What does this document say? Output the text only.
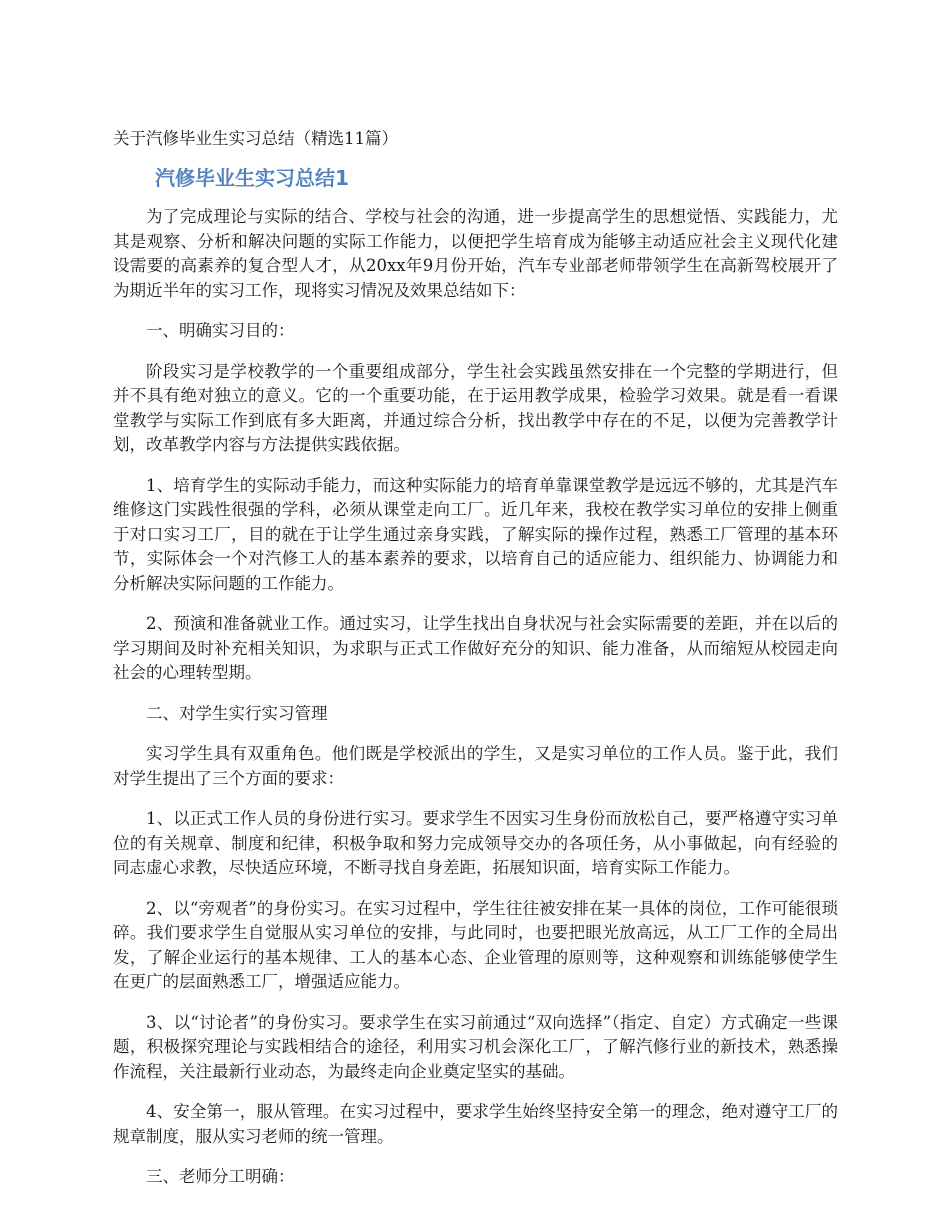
关于汽修毕业生实习总结（精选11篇）

汽修毕业生实习总结1

为了完成理论与实际的结合、学校与社会的沟通，进一步提高学生的思想觉悟、实践能力，尤其是观察、分析和解决问题的实际工作能力，以便把学生培育成为能够主动适应社会主义现代化建设需要的高素养的复合型人才，从20xx年9月份开始，汽车专业部老师带领学生在高新驾校展开了为期近半年的实习工作，现将实习情况及效果总结如下：

一、明确实习目的：

阶段实习是学校教学的一个重要组成部分，学生社会实践虽然安排在一个完整的学期进行，但并不具有绝对独立的意义。它的一个重要功能，在于运用教学成果，检验学习效果。就是看一看课堂教学与实际工作到底有多大距离，并通过综合分析，找出教学中存在的不足，以便为完善教学计划，改革教学内容与方法提供实践依据。

1、培育学生的实际动手能力，而这种实际能力的培育单靠课堂教学是远远不够的，尤其是汽车维修这门实践性很强的学科，必须从课堂走向工厂。近几年来，我校在教学实习单位的安排上侧重于对口实习工厂，目的就在于让学生通过亲身实践，了解实际的操作过程，熟悉工厂管理的基本环节，实际体会一个对汽修工人的基本素养的要求，以培育自己的适应能力、组织能力、协调能力和分析解决实际问题的工作能力。

2、预演和准备就业工作。通过实习，让学生找出自身状况与社会实际需要的差距，并在以后的学习期间及时补充相关知识，为求职与正式工作做好充分的知识、能力准备，从而缩短从校园走向社会的心理转型期。

二、对学生实行实习管理

实习学生具有双重角色。他们既是学校派出的学生，又是实习单位的工作人员。鉴于此，我们对学生提出了三个方面的要求：

1、以正式工作人员的身份进行实习。要求学生不因实习生身份而放松自己，要严格遵守实习单位的有关规章、制度和纪律，积极争取和努力完成领导交办的各项任务，从小事做起，向有经验的同志虚心求教，尽快适应环境，不断寻找自身差距，拓展知识面，培育实际工作能力。

2、以“旁观者”的身份实习。在实习过程中，学生往往被安排在某一具体的岗位，工作可能很琐碎。我们要求学生自觉服从实习单位的安排，与此同时，也要把眼光放高远，从工厂工作的全局出发，了解企业运行的基本规律、工人的基本心态、企业管理的原则等，这种观察和训练能够使学生在更广的层面熟悉工厂，增强适应能力。

3、以“讨论者”的身份实习。要求学生在实习前通过“双向选择”（指定、自定）方式确定一些课题，积极探究理论与实践相结合的途径，利用实习机会深化工厂，了解汽修行业的新技术，熟悉操作流程，关注最新行业动态，为最终走向企业奠定坚实的基础。

4、安全第一，服从管理。在实习过程中，要求学生始终坚持安全第一的理念，绝对遵守工厂的规章制度，服从实习老师的统一管理。

三、老师分工明确：
